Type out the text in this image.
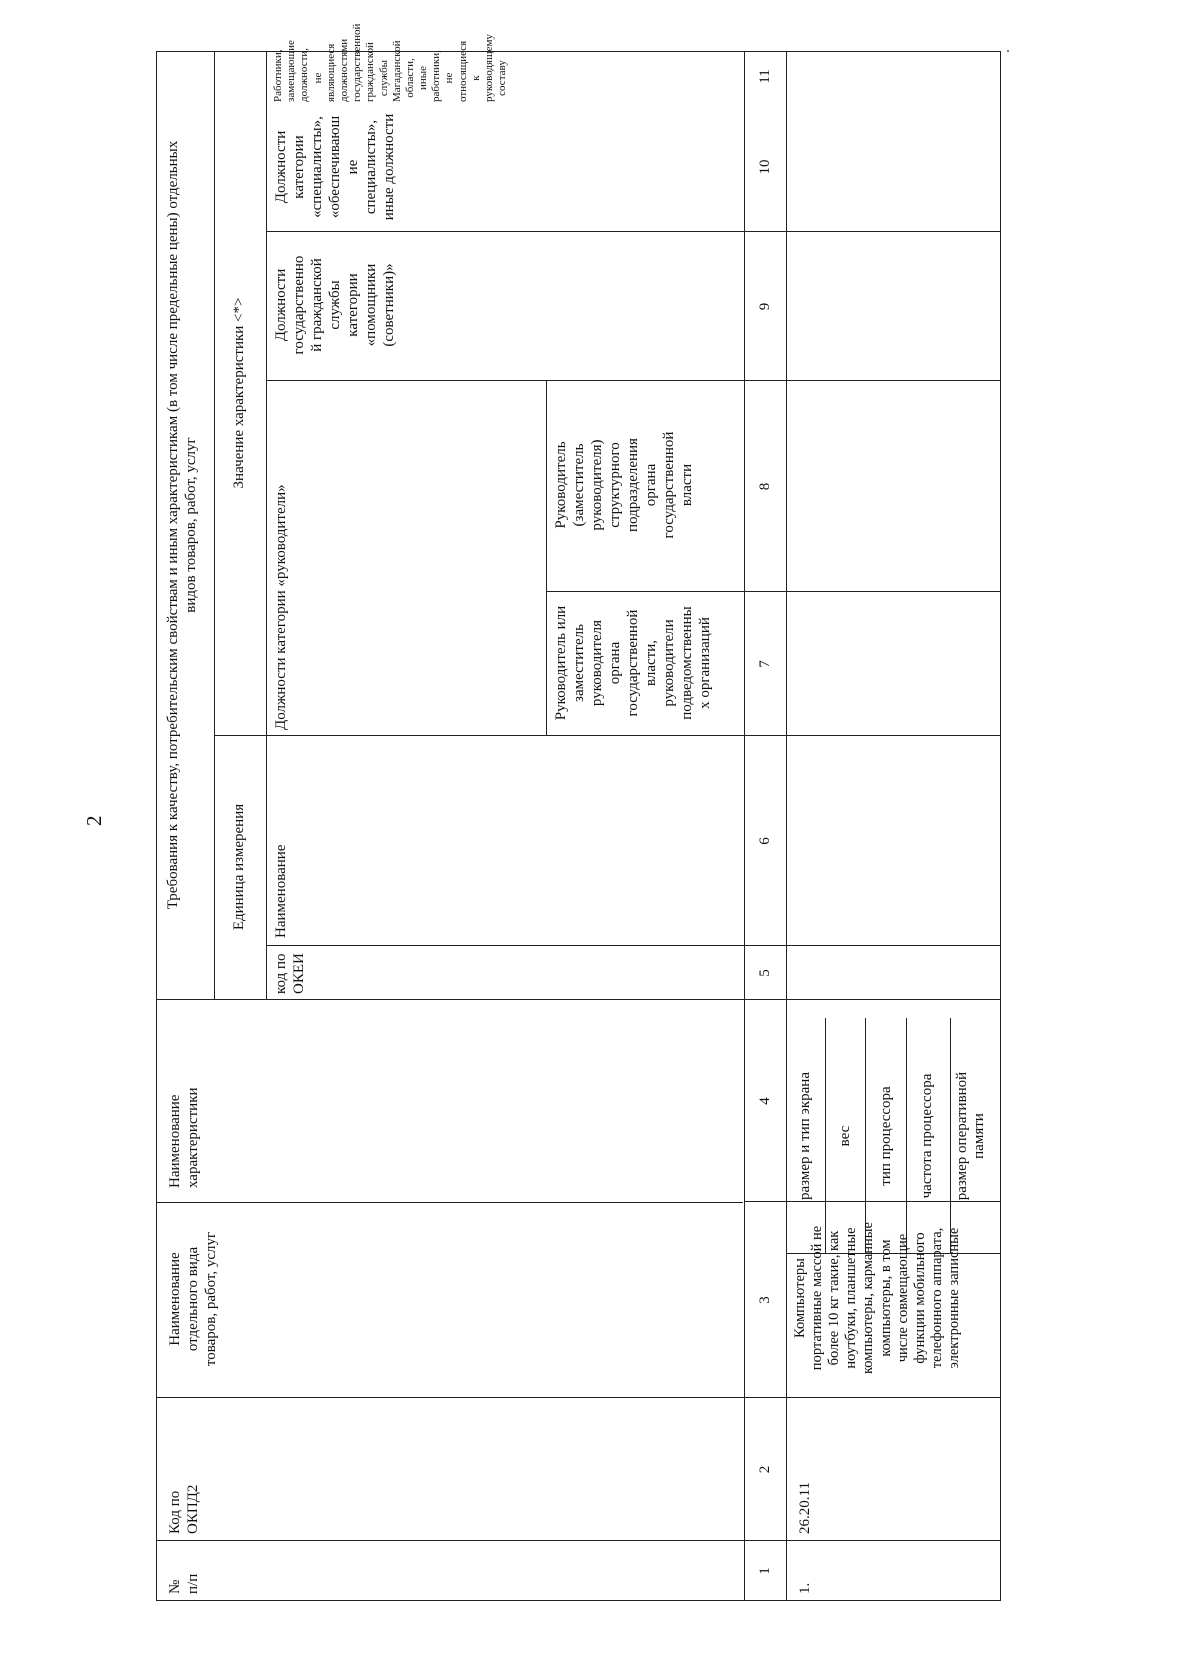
2
№
п/п
Код по
ОКПД2
Наименование
отдельного вида
товаров, работ, услуг
Наименование
характеристики
Требования к качеству, потребительским свойствам и иным характеристикам (в том числе предельные цены) отдельных
видов товаров, работ, услуг
Единица измерения
Значение характеристики <*>
код по
ОКЕИ
Наименование
Должности категории «руководители»	Руководитель или
заместитель
руководителя
органа
государственной
власти,
руководители
подведомственны
х организаций
Руководитель
(заместитель
руководителя)
структурного
подразделения
органа
государственной
власти
Должности
государственно
й гражданской
службы
категории
«помощники
(советники)»
Должности
категории
«специалисты»,
«обеспечиваюш
ие
специалисты»,
иные должности
Работники,
замещающие
должности, не
являющиеся
должностями
государственной
гражданской
службы
Магаданской
области, иные
работники, не
относящиеся к
руководящему
составу
1
2
3
4
5
6
7
8
9
10
11
1.
26.20.11
Компьютеры
портативные массой не
более 10 кг такие, как
ноутбуки, планшетные
компьютеры, карманные
компьютеры, в том
числе совмещающие
функции мобильного
телефонного аппарата,
электронные записные
размер и тип экрана вес тип процессора частота процессора размер оперативной
памяти
